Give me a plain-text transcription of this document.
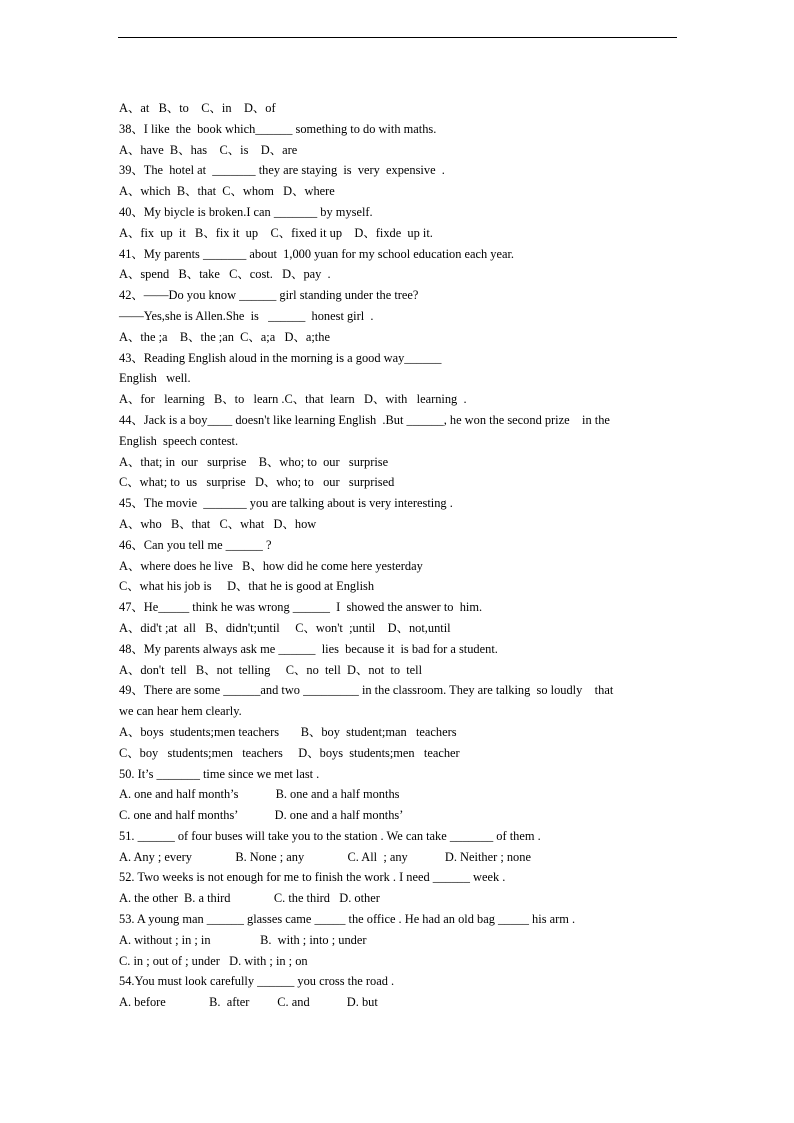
A、at   B、to    C、in    D、of
38、I like  the  book which______ something to do with maths.
A、have  B、has    C、is    D、are
39、The  hotel at  _______ they are staying  is  very  expensive  .
A、which  B、that  C、whom   D、where
40、My biycle is broken.I can _______ by myself.
A、fix  up  it   B、fix it  up    C、fixed it up    D、fixde  up it.
41、My parents _______ about  1,000 yuan for my school education each year.
A、spend   B、take   C、cost.   D、pay  .
42、——Do you know ______ girl standing under the tree?
——Yes,she is Allen.She  is   ______  honest girl  .
A、the ;a    B、the ;an  C、a;a   D、a;the
43、Reading English aloud in the morning is a good way______
English   well.
A、for   learning   B、to   learn .C、that  learn   D、with   learning  .
44、Jack is a boy____ doesn't like learning English  .But ______, he won the second prize    in the
English  speech contest.
A、that; in  our   surprise    B、who; to  our   surprise
C、what; to  us   surprise   D、who; to   our   surprised
45、The movie  _______ you are talking about is very interesting .
A、who   B、that   C、what   D、how
46、Can you tell me ______ ?
A、where does he live   B、how did he come here yesterday
C、what his job is     D、that he is good at English
47、He_____ think he was wrong ______  I  showed the answer to  him.
A、did't ;at  all   B、didn't;until     C、won't  ;until    D、not,until
48、My parents always ask me ______  lies  because it  is bad for a student.
A、don't  tell   B、not  telling     C、no  tell  D、not  to  tell
49、There are some ______and two _________ in the classroom. They are talking  so loudly    that
we can hear hem clearly.
A、boys  students;men teachers       B、boy  student;man   teachers
C、boy   students;men   teachers     D、boys  students;men   teacher
50. It’s _______ time since we met last .
A. one and half month’s            B. one and a half months
C. one and half months’            D. one and a half months’
51. ______ of four buses will take you to the station . We can take _______ of them .
A. Any ; every              B. None ; any              C. All  ; any            D. Neither ; none
52. Two weeks is not enough for me to finish the work . I need ______ week .
A. the other  B. a third              C. the third   D. other
53. A young man ______ glasses came _____ the office . He had an old bag _____ his arm .
A. without ; in ; in                B.  with ; into ; under
C. in ; out of ; under   D. with ; in ; on
54.You must look carefully ______ you cross the road .
A. before              B.  after         C. and            D. but
